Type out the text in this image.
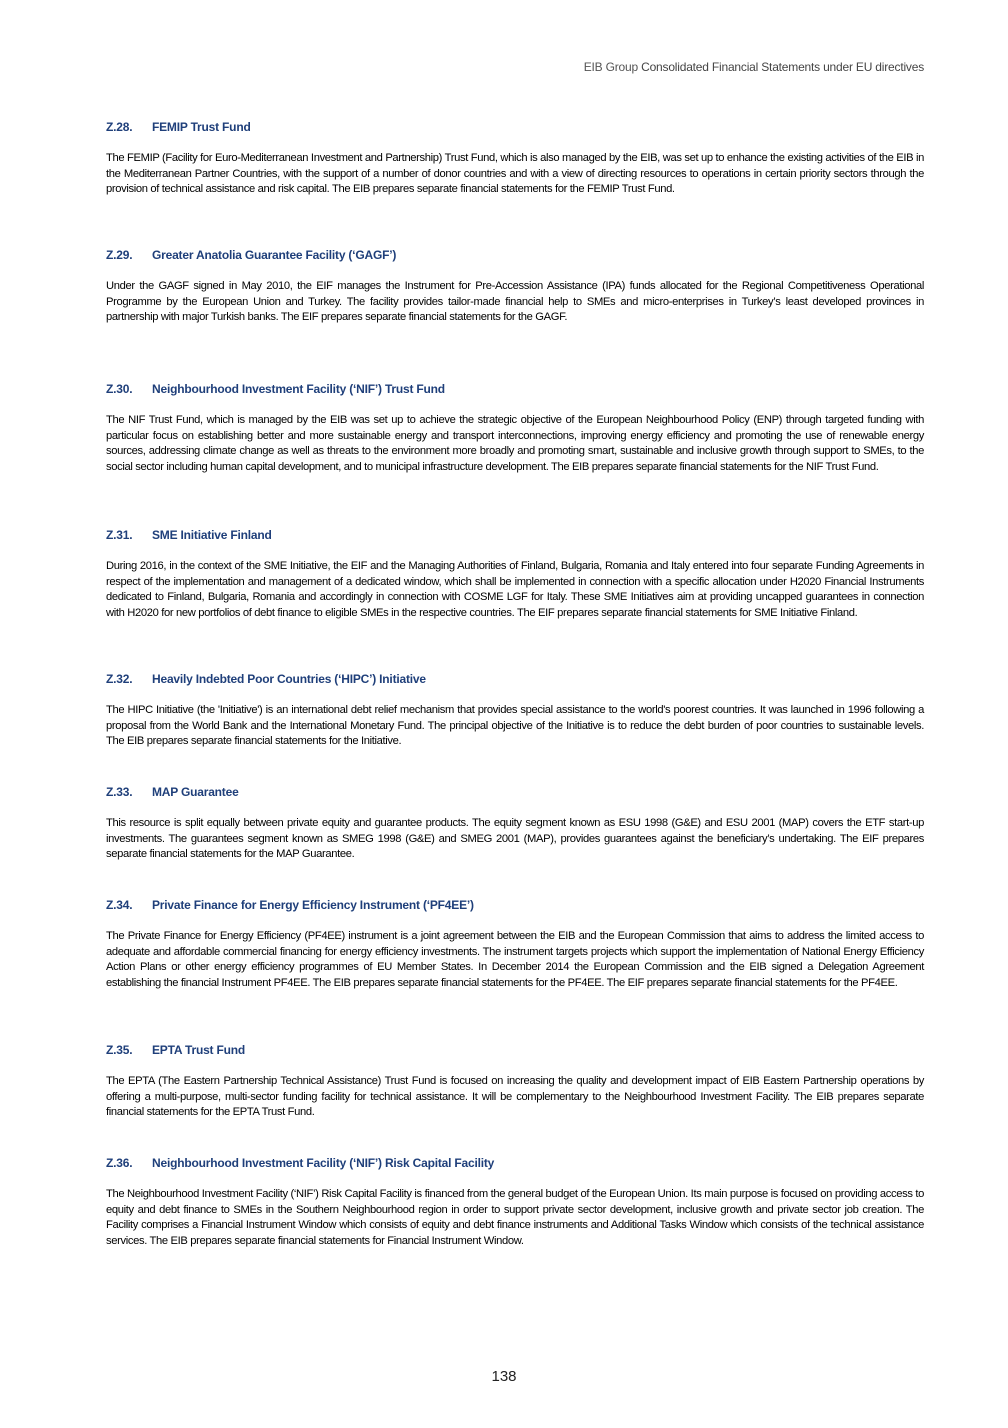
EIB Group Consolidated Financial Statements under EU directives
Z.28.	FEMIP Trust Fund

The FEMIP (Facility for Euro-Mediterranean Investment and Partnership) Trust Fund, which is also managed by the EIB, was set up to enhance the existing activities of the EIB in the Mediterranean Partner Countries, with the support of a number of donor countries and with a view of directing resources to operations in certain priority sectors through the provision of technical assistance and risk capital. The EIB prepares separate financial statements for the FEMIP Trust Fund.

Z.29.	Greater Anatolia Guarantee Facility (‘GAGF’)

Under the GAGF signed in May 2010, the EIF manages the Instrument for Pre-Accession Assistance (IPA) funds allocated for the Regional Competitiveness Operational Programme by the European Union and Turkey. The facility provides tailor-made financial help to SMEs and micro-enterprises in Turkey’s least developed provinces in partnership with major Turkish banks. The EIF prepares separate financial statements for the GAGF.

Z.30.	Neighbourhood Investment Facility (‘NIF’) Trust Fund

The NIF Trust Fund, which is managed by the EIB was set up to achieve the strategic objective of the European Neighbourhood Policy (ENP) through targeted funding with particular focus on establishing better and more sustainable energy and transport interconnections, improving energy efficiency and promoting the use of renewable energy sources, addressing climate change as well as threats to the environment more broadly and promoting smart, sustainable and inclusive growth through support to SMEs, to the social sector including human capital development, and to municipal infrastructure development. The EIB prepares separate financial statements for the NIF Trust Fund.

Z.31.	SME Initiative Finland

During 2016, in the context of the SME Initiative, the EIF and the Managing Authorities of Finland, Bulgaria, Romania and Italy entered into four separate Funding Agreements in respect of the implementation and management of a dedicated window, which shall be implemented in connection with a specific allocation under H2020 Financial Instruments dedicated to Finland, Bulgaria, Romania and accordingly in connection with COSME LGF for Italy. These SME Initiatives aim at providing uncapped guarantees in connection with H2020 for new portfolios of debt finance to eligible SMEs in the respective countries. The EIF prepares separate financial statements for SME Initiative Finland.

Z.32.	Heavily Indebted Poor Countries (‘HIPC’) Initiative

The HIPC Initiative (the 'Initiative') is an international debt relief mechanism that provides special assistance to the world's poorest countries. It was launched in 1996 following a proposal from the World Bank and the International Monetary Fund. The principal objective of the Initiative is to reduce the debt burden of poor countries to sustainable levels. The EIB prepares separate financial statements for the Initiative.

Z.33.	MAP Guarantee

This resource is split equally between private equity and guarantee products. The equity segment known as ESU 1998 (G&E) and ESU 2001 (MAP) covers the ETF start-up investments. The guarantees segment known as SMEG 1998 (G&E) and SMEG 2001 (MAP), provides guarantees against the beneficiary’s undertaking. The EIF prepares separate financial statements for the MAP Guarantee.

Z.34.	Private Finance for Energy Efficiency Instrument (‘PF4EE’)

The Private Finance for Energy Efficiency (PF4EE) instrument is a joint agreement between the EIB and the European Commission that aims to address the limited access to adequate and affordable commercial financing for energy efficiency investments. The instrument targets projects which support the implementation of National Energy Efficiency Action Plans or other energy efficiency programmes of EU Member States. In December 2014 the European Commission and the EIB signed a Delegation Agreement establishing the financial Instrument PF4EE. The EIB prepares separate financial statements for the PF4EE. The EIF prepares separate financial statements for the PF4EE.

Z.35.	EPTA Trust Fund

The EPTA (The Eastern Partnership Technical Assistance) Trust Fund is focused on increasing the quality and development impact of EIB Eastern Partnership operations by offering a multi-purpose, multi-sector funding facility for technical assistance. It will be complementary to the Neighbourhood Investment Facility. The EIB prepares separate financial statements for the EPTA Trust Fund.

Z.36.	Neighbourhood Investment Facility (‘NIF’) Risk Capital Facility

The Neighbourhood Investment Facility (‘NIF’) Risk Capital Facility is financed from the general budget of the European Union. Its main purpose is focused on providing access to equity and debt finance to SMEs in the Southern Neighbourhood region in order to support private sector development, inclusive growth and private sector job creation. The Facility comprises a Financial Instrument Window which consists of equity and debt finance instruments and Additional Tasks Window which consists of the technical assistance services. The EIB prepares separate financial statements for Financial Instrument Window.

138
